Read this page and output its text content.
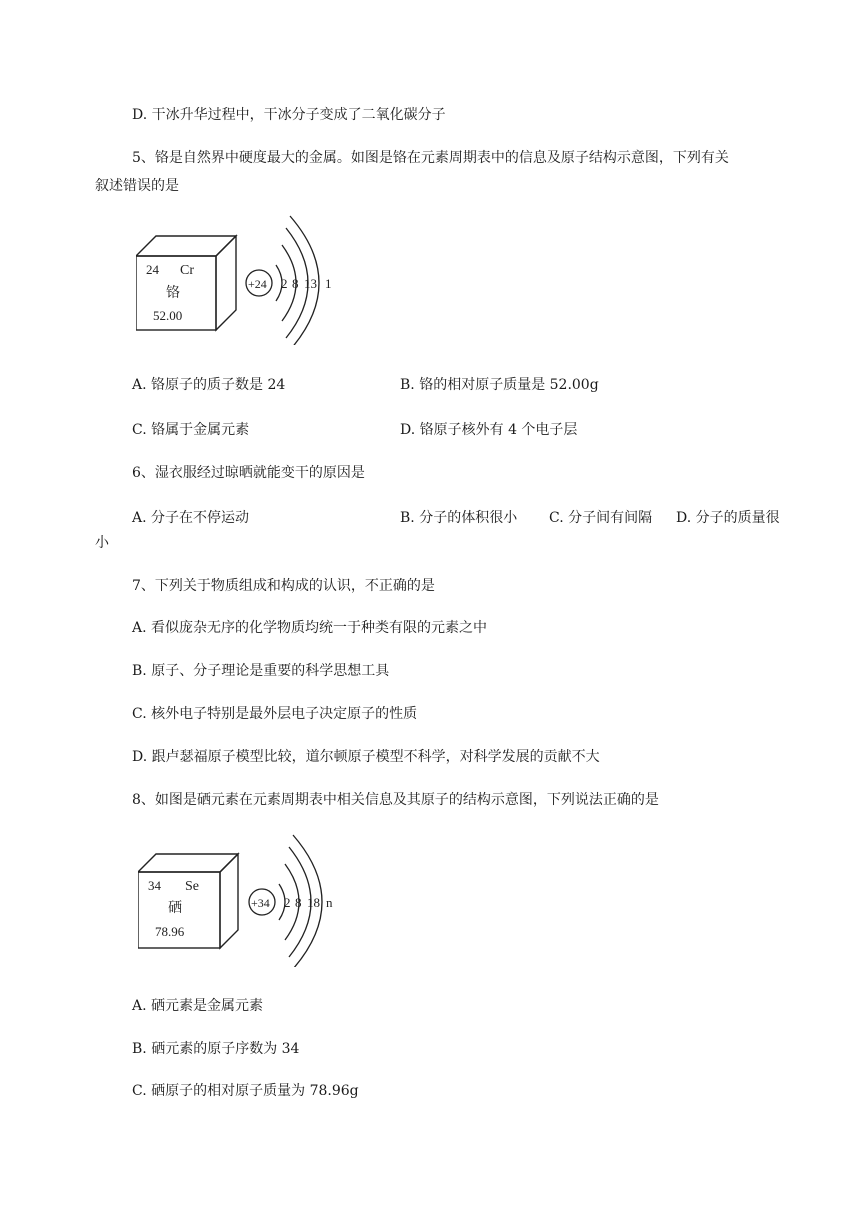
D. 干冰升华过程中，干冰分子变成了二氧化碳分子
5、铬是自然界中硬度最大的金属。如图是铬在元素周期表中的信息及原子结构示意图，下列有关
叙述错误的是
24 Cr
铬
52.00
+24 2 8 13 1
A. 铬原子的质子数是 24	B. 铬的相对原子质量是 52.00g
C. 铬属于金属元素	D. 铬原子核外有 4 个电子层
6、湿衣服经过晾晒就能变干的原因是
A. 分子在不停运动	B. 分子的体积很小 C. 分子间有间隔 D. 分子的质量很
小
7、下列关于物质组成和构成的认识，不正确的是
A. 看似庞杂无序的化学物质均统一于种类有限的元素之中
B. 原子、分子理论是重要的科学思想工具
C. 核外电子特别是最外层电子决定原子的性质
D. 跟卢瑟福原子模型比较，道尔顿原子模型不科学，对科学发展的贡献不大
8、如图是硒元素在元素周期表中相关信息及其原子的结构示意图，下列说法正确的是
34 Se
硒
78.96
+34 2 8 18 n
A. 硒元素是金属元素
B. 硒元素的原子序数为 34
C. 硒原子的相对原子质量为 78.96g
